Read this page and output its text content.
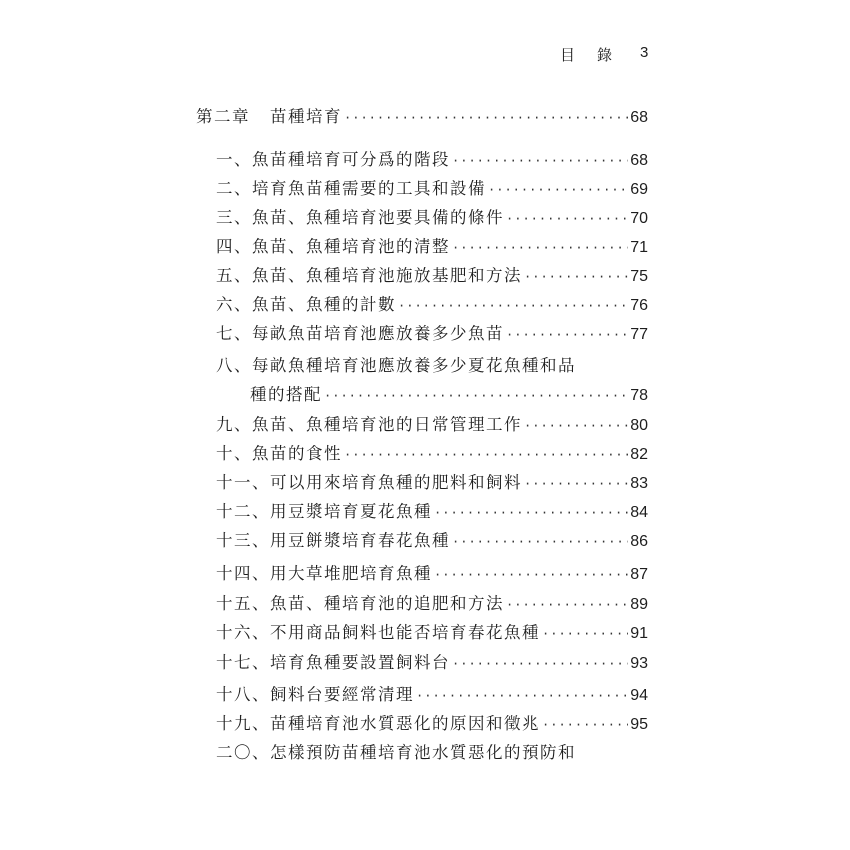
目 錄 3
第二章 苗種培育 ·····	68
一、魚苗種培育可分爲的階段 ·····	68
二、培育魚苗種需要的工具和設備 ·····	69
三、魚苗、魚種培育池要具備的條件 ·····	70
四、魚苗、魚種培育池的清整 ·····	71
五、魚苗、魚種培育池施放基肥和方法 ·····	75
六、魚苗、魚種的計數 ·····	76
七、每畝魚苗培育池應放養多少魚苗 ·····	77
八、每畝魚種培育池應放養多少夏花魚種和品
種的搭配 ·····	78
九、魚苗、魚種培育池的日常管理工作 ·····	80
十、魚苗的食性 ·····	82
十一、可以用來培育魚種的肥料和飼料 ·····	83
十二、用豆漿培育夏花魚種 ·····	84
十三、用豆餅漿培育春花魚種 ·····	86
十四、用大草堆肥培育魚種 ·····	87
十五、魚苗、種培育池的追肥和方法 ·····	89
十六、不用商品飼料也能否培育春花魚種 ·····	91
十七、培育魚種要設置飼料台 ·····	93
十八、飼料台要經常清理 ·····	94
十九、苗種培育池水質惡化的原因和徵兆 ·····	95
二〇、怎樣預防苗種培育池水質惡化的預防和
